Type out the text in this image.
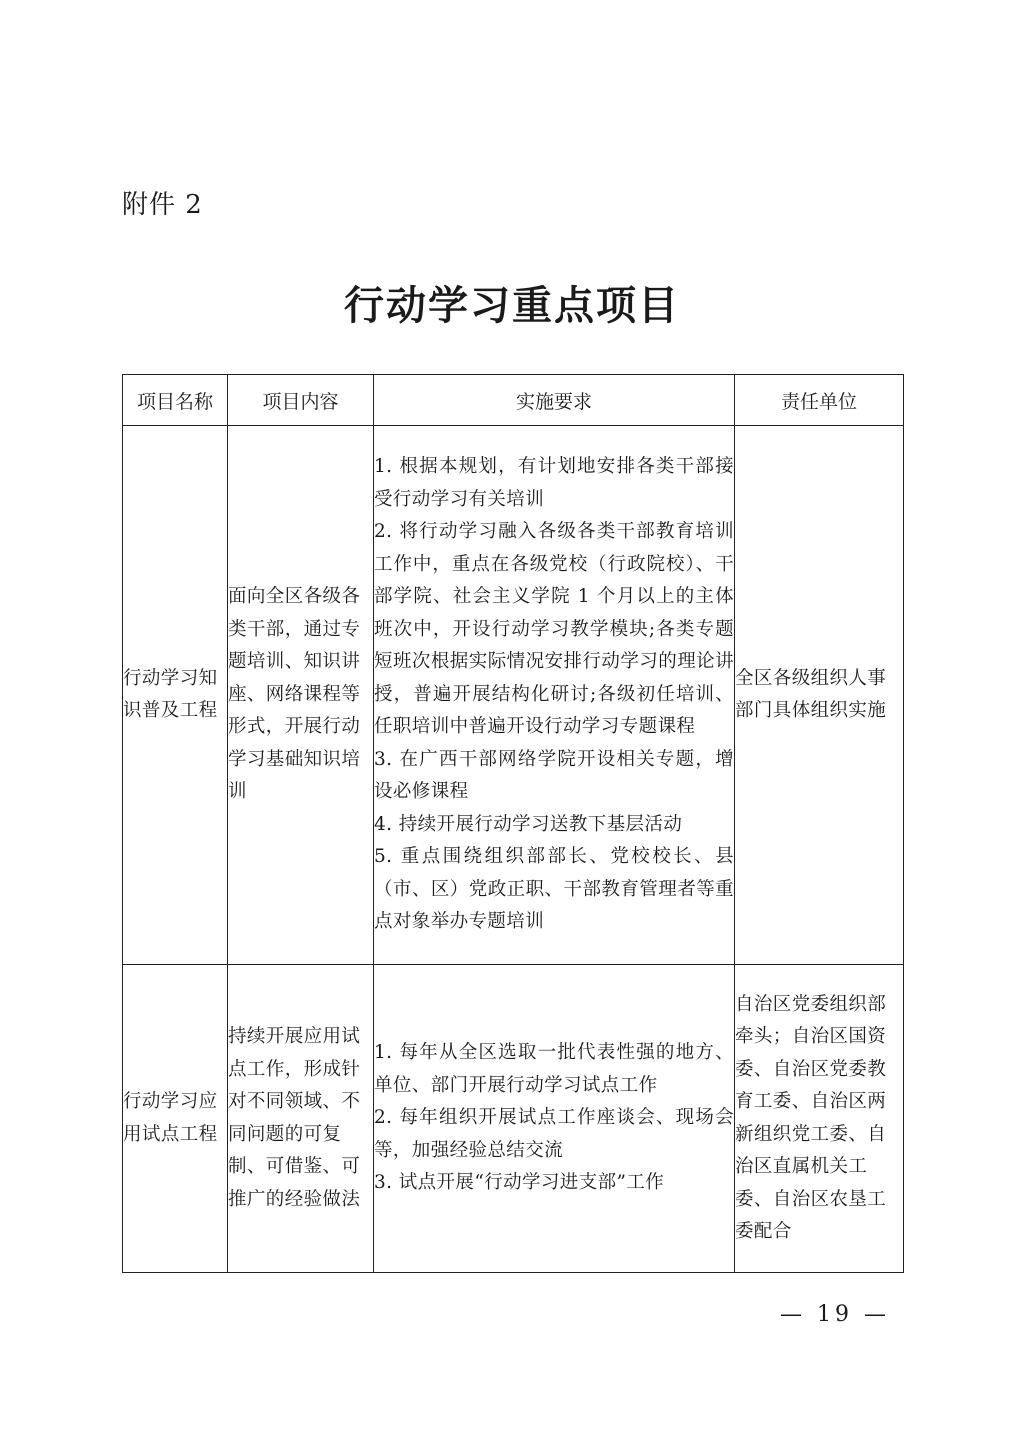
附件 2
行动学习重点项目
项目名称	项目内容	实施要求	责任单位

行动学习知识普及工程	面向全区各级各类干部，通过专题培训、知识讲座、网络课程等形式，开展行动学习基础知识培训	1. 根据本规划，有计划地安排各类干部接受行动学习有关培训
2. 将行动学习融入各级各类干部教育培训工作中，重点在各级党校（行政院校）、干部学院、社会主义学院 1 个月以上的主体班次中，开设行动学习教学模块;各类专题短班次根据实际情况安排行动学习的理论讲授，普遍开展结构化研讨;各级初任培训、任职培训中普遍开设行动学习专题课程
3. 在广西干部网络学院开设相关专题，增设必修课程
4. 持续开展行动学习送教下基层活动
5. 重点围绕组织部部长、党校校长、县（市、区）党政正职、干部教育管理者等重点对象举办专题培训	全区各级组织人事部门具体组织实施

行动学习应用试点工程	持续开展应用试点工作，形成针对不同领域、不同问题的可复制、可借鉴、可推广的经验做法	1. 每年从全区选取一批代表性强的地方、单位、部门开展行动学习试点工作
2. 每年组织开展试点工作座谈会、现场会等，加强经验总结交流
3. 试点开展“行动学习进支部”工作	自治区党委组织部牵头；自治区国资委、自治区党委教育工委、自治区两新组织党工委、自治区直属机关工委、自治区农垦工委配合
— 19 —
